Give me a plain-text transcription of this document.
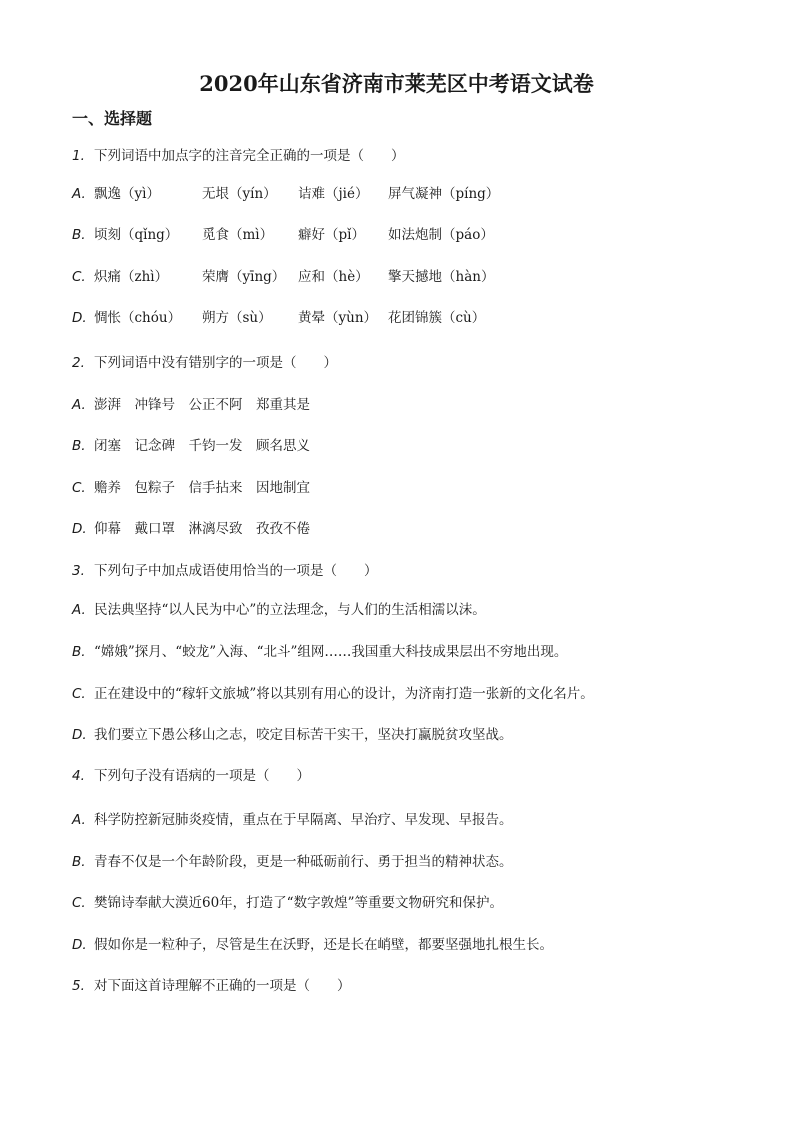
2020年山东省济南市莱芜区中考语文试卷
一、选择题
1. 下列词语中加点字的注音完全正确的一项是（　　）
A. 飘逸（yì）	无垠（yín） 诘难（jié） 屏气凝神（píng）
B. 顷刻（qǐng） 觅食（mì） 癖好（pǐ） 如法炮制（páo）
C. 炽痛（zhì）	荣膺（yīng） 应和（hè） 擎天撼地（hàn）
D. 惆怅（chóu） 朔方（sù） 黄晕（yùn） 花团锦簇（cù）
2. 下列词语中没有错别字的一项是（　　）
A. 澎湃　冲锋号　公正不阿　郑重其是
B. 闭塞　记念碑　千钧一发　顾名思义
C. 赡养　包粽子　信手拈来　因地制宜
D. 仰幕　戴口罩　淋漓尽致　孜孜不倦
3. 下列句子中加点成语使用恰当的一项是（　　）
A. 民法典坚持“以人民为中心”的立法理念，与人们的生活相濡以沫。
B. “嫦娥”探月、“蛟龙”入海、“北斗”组网……我国重大科技成果层出不穷地出现。
C. 正在建设中的“稼轩文旅城”将以其别有用心的设计，为济南打造一张新的文化名片。
D. 我们要立下愚公移山之志，咬定目标苦干实干，坚决打赢脱贫攻坚战。
4. 下列句子没有语病的一项是（　　）
A. 科学防控新冠肺炎疫情，重点在于早隔离、早治疗、早发现、早报告。
B. 青春不仅是一个年龄阶段，更是一种砥砺前行、勇于担当的精神状态。
C. 樊锦诗奉献大漠近60年，打造了“数字敦煌”等重要文物研究和保护。
D. 假如你是一粒种子，尽管是生在沃野，还是长在峭壁，都要坚强地扎根生长。
5. 对下面这首诗理解不正确的一项是（　　）
